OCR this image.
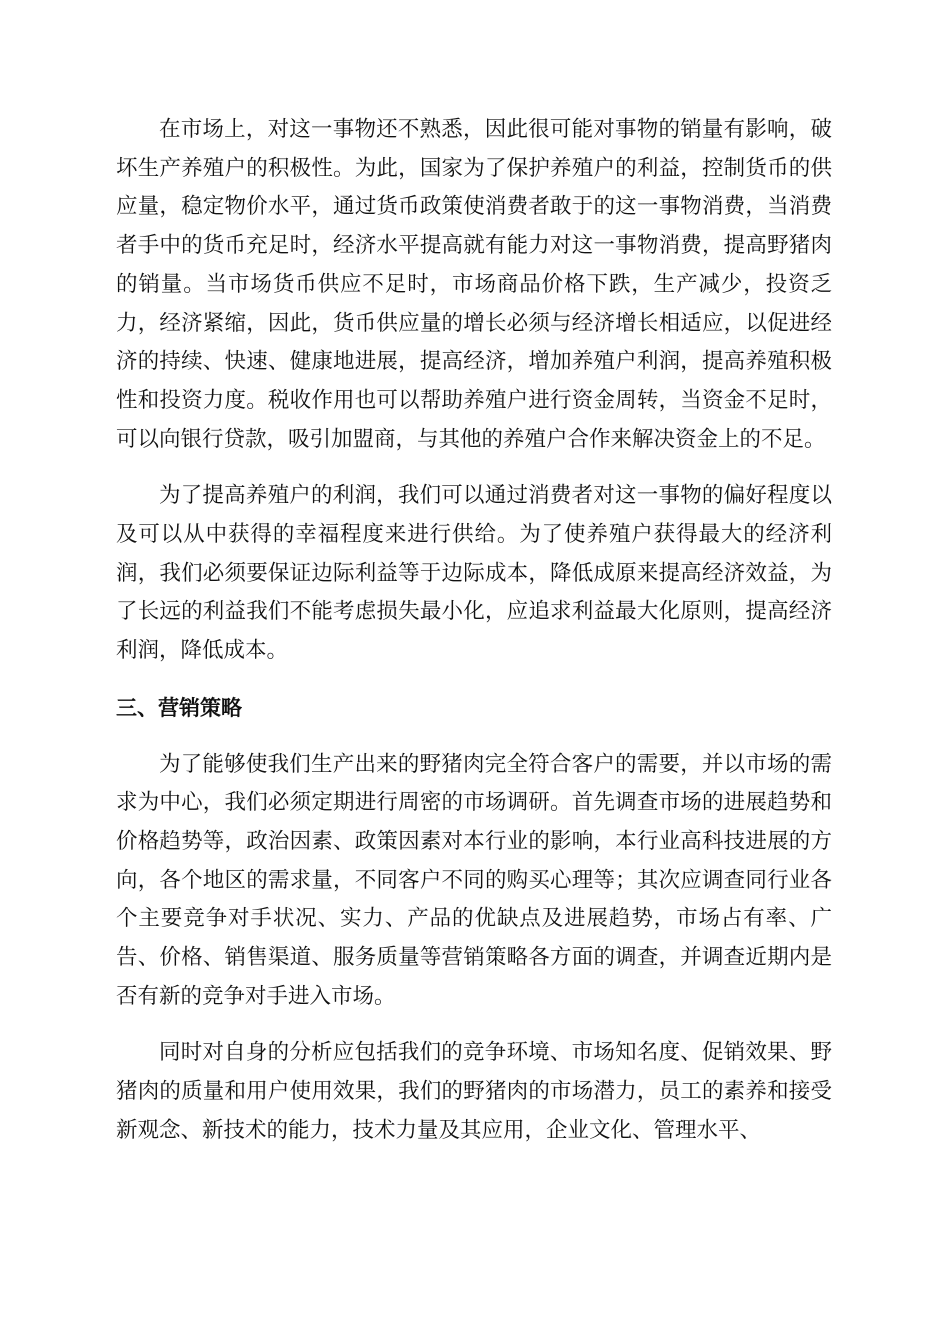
在市场上，对这一事物还不熟悉，因此很可能对事物的销量有影响，破坏生产养殖户的积极性。为此，国家为了保护养殖户的利益，控制货币的供应量，稳定物价水平，通过货币政策使消费者敢于的这一事物消费，当消费者手中的货币充足时，经济水平提高就有能力对这一事物消费，提高野猪肉的销量。当市场货币供应不足时，市场商品价格下跌，生产减少，投资乏力，经济紧缩，因此，货币供应量的增长必须与经济增长相适应，以促进经济的持续、快速、健康地进展，提高经济，增加养殖户利润，提高养殖积极性和投资力度。税收作用也可以帮助养殖户进行资金周转，当资金不足时，可以向银行贷款，吸引加盟商，与其他的养殖户合作来解决资金上的不足。

为了提高养殖户的利润，我们可以通过消费者对这一事物的偏好程度以及可以从中获得的幸福程度来进行供给。为了使养殖户获得最大的经济利润，我们必须要保证边际利益等于边际成本，降低成原来提高经济效益，为了长远的利益我们不能考虑损失最小化，应追求利益最大化原则，提高经济利润，降低成本。

三、营销策略

为了能够使我们生产出来的野猪肉完全符合客户的需要，并以市场的需求为中心，我们必须定期进行周密的市场调研。首先调查市场的进展趋势和价格趋势等，政治因素、政策因素对本行业的影响，本行业高科技进展的方向，各个地区的需求量，不同客户不同的购买心理等；其次应调查同行业各个主要竞争对手状况、实力、产品的优缺点及进展趋势，市场占有率、广告、价格、销售渠道、服务质量等营销策略各方面的调查，并调查近期内是否有新的竞争对手进入市场。

同时对自身的分析应包括我们的竞争环境、市场知名度、促销效果、野猪肉的质量和用户使用效果，我们的野猪肉的市场潜力，员工的素养和接受新观念、新技术的能力，技术力量及其应用，企业文化、管理水平、
